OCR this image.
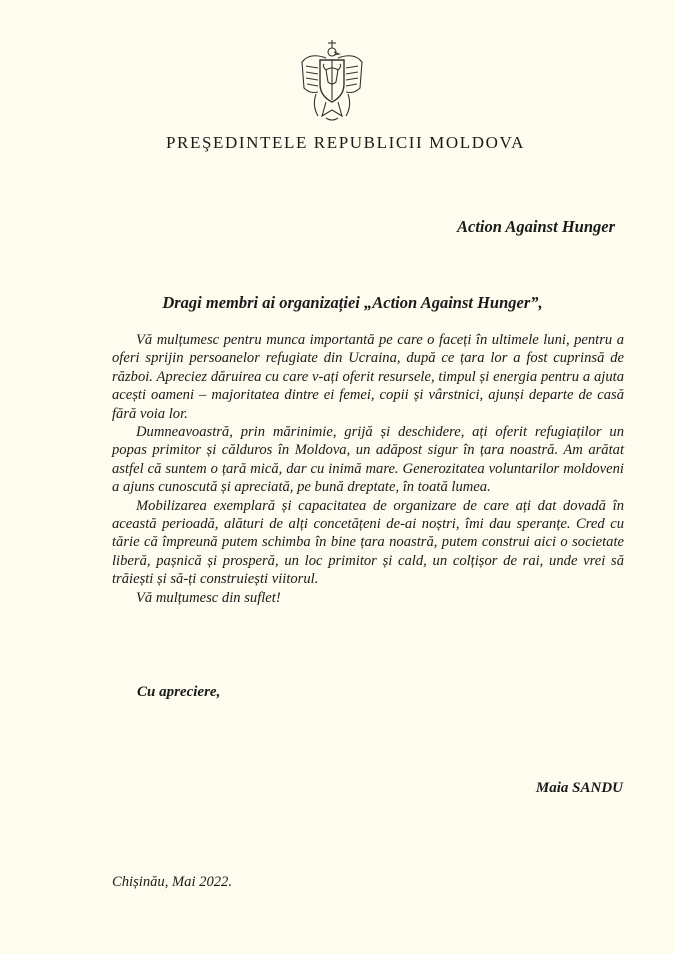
PREŞEDINTELE REPUBLICII MOLDOVA
Action Against Hunger
Dragi membri ai organizației „Action Against Hunger”,

Vă mulțumesc pentru munca importantă pe care o faceți în ultimele luni, pentru a oferi sprijin persoanelor refugiate din Ucraina, după ce țara lor a fost cuprinsă de război. Apreciez dăruirea cu care v-ați oferit resursele, timpul și energia pentru a ajuta acești oameni – majoritatea dintre ei femei, copii și vârstnici, ajunși departe de casă fără voia lor.

Dumneavoastră, prin mărinimie, grijă și deschidere, ați oferit refugiaților un popas primitor și călduros în Moldova, un adăpost sigur în țara noastră. Am arătat astfel că suntem o țară mică, dar cu inimă mare. Generozitatea voluntarilor moldoveni a ajuns cunoscută și apreciată, pe bună dreptate, în toată lumea.

Mobilizarea exemplară și capacitatea de organizare de care ați dat dovadă în această perioadă, alături de alți concetățeni de-ai noștri, îmi dau speranțe. Cred cu tărie că împreună putem schimba în bine țara noastră, putem construi aici o societate liberă, pașnică și prosperă, un loc primitor și cald, un colțișor de rai, unde vrei să trăiești și să-ți construiești viitorul.

Vă mulțumesc din suflet!

Cu apreciere,
Maia SANDU
Chișinău, Mai 2022.
